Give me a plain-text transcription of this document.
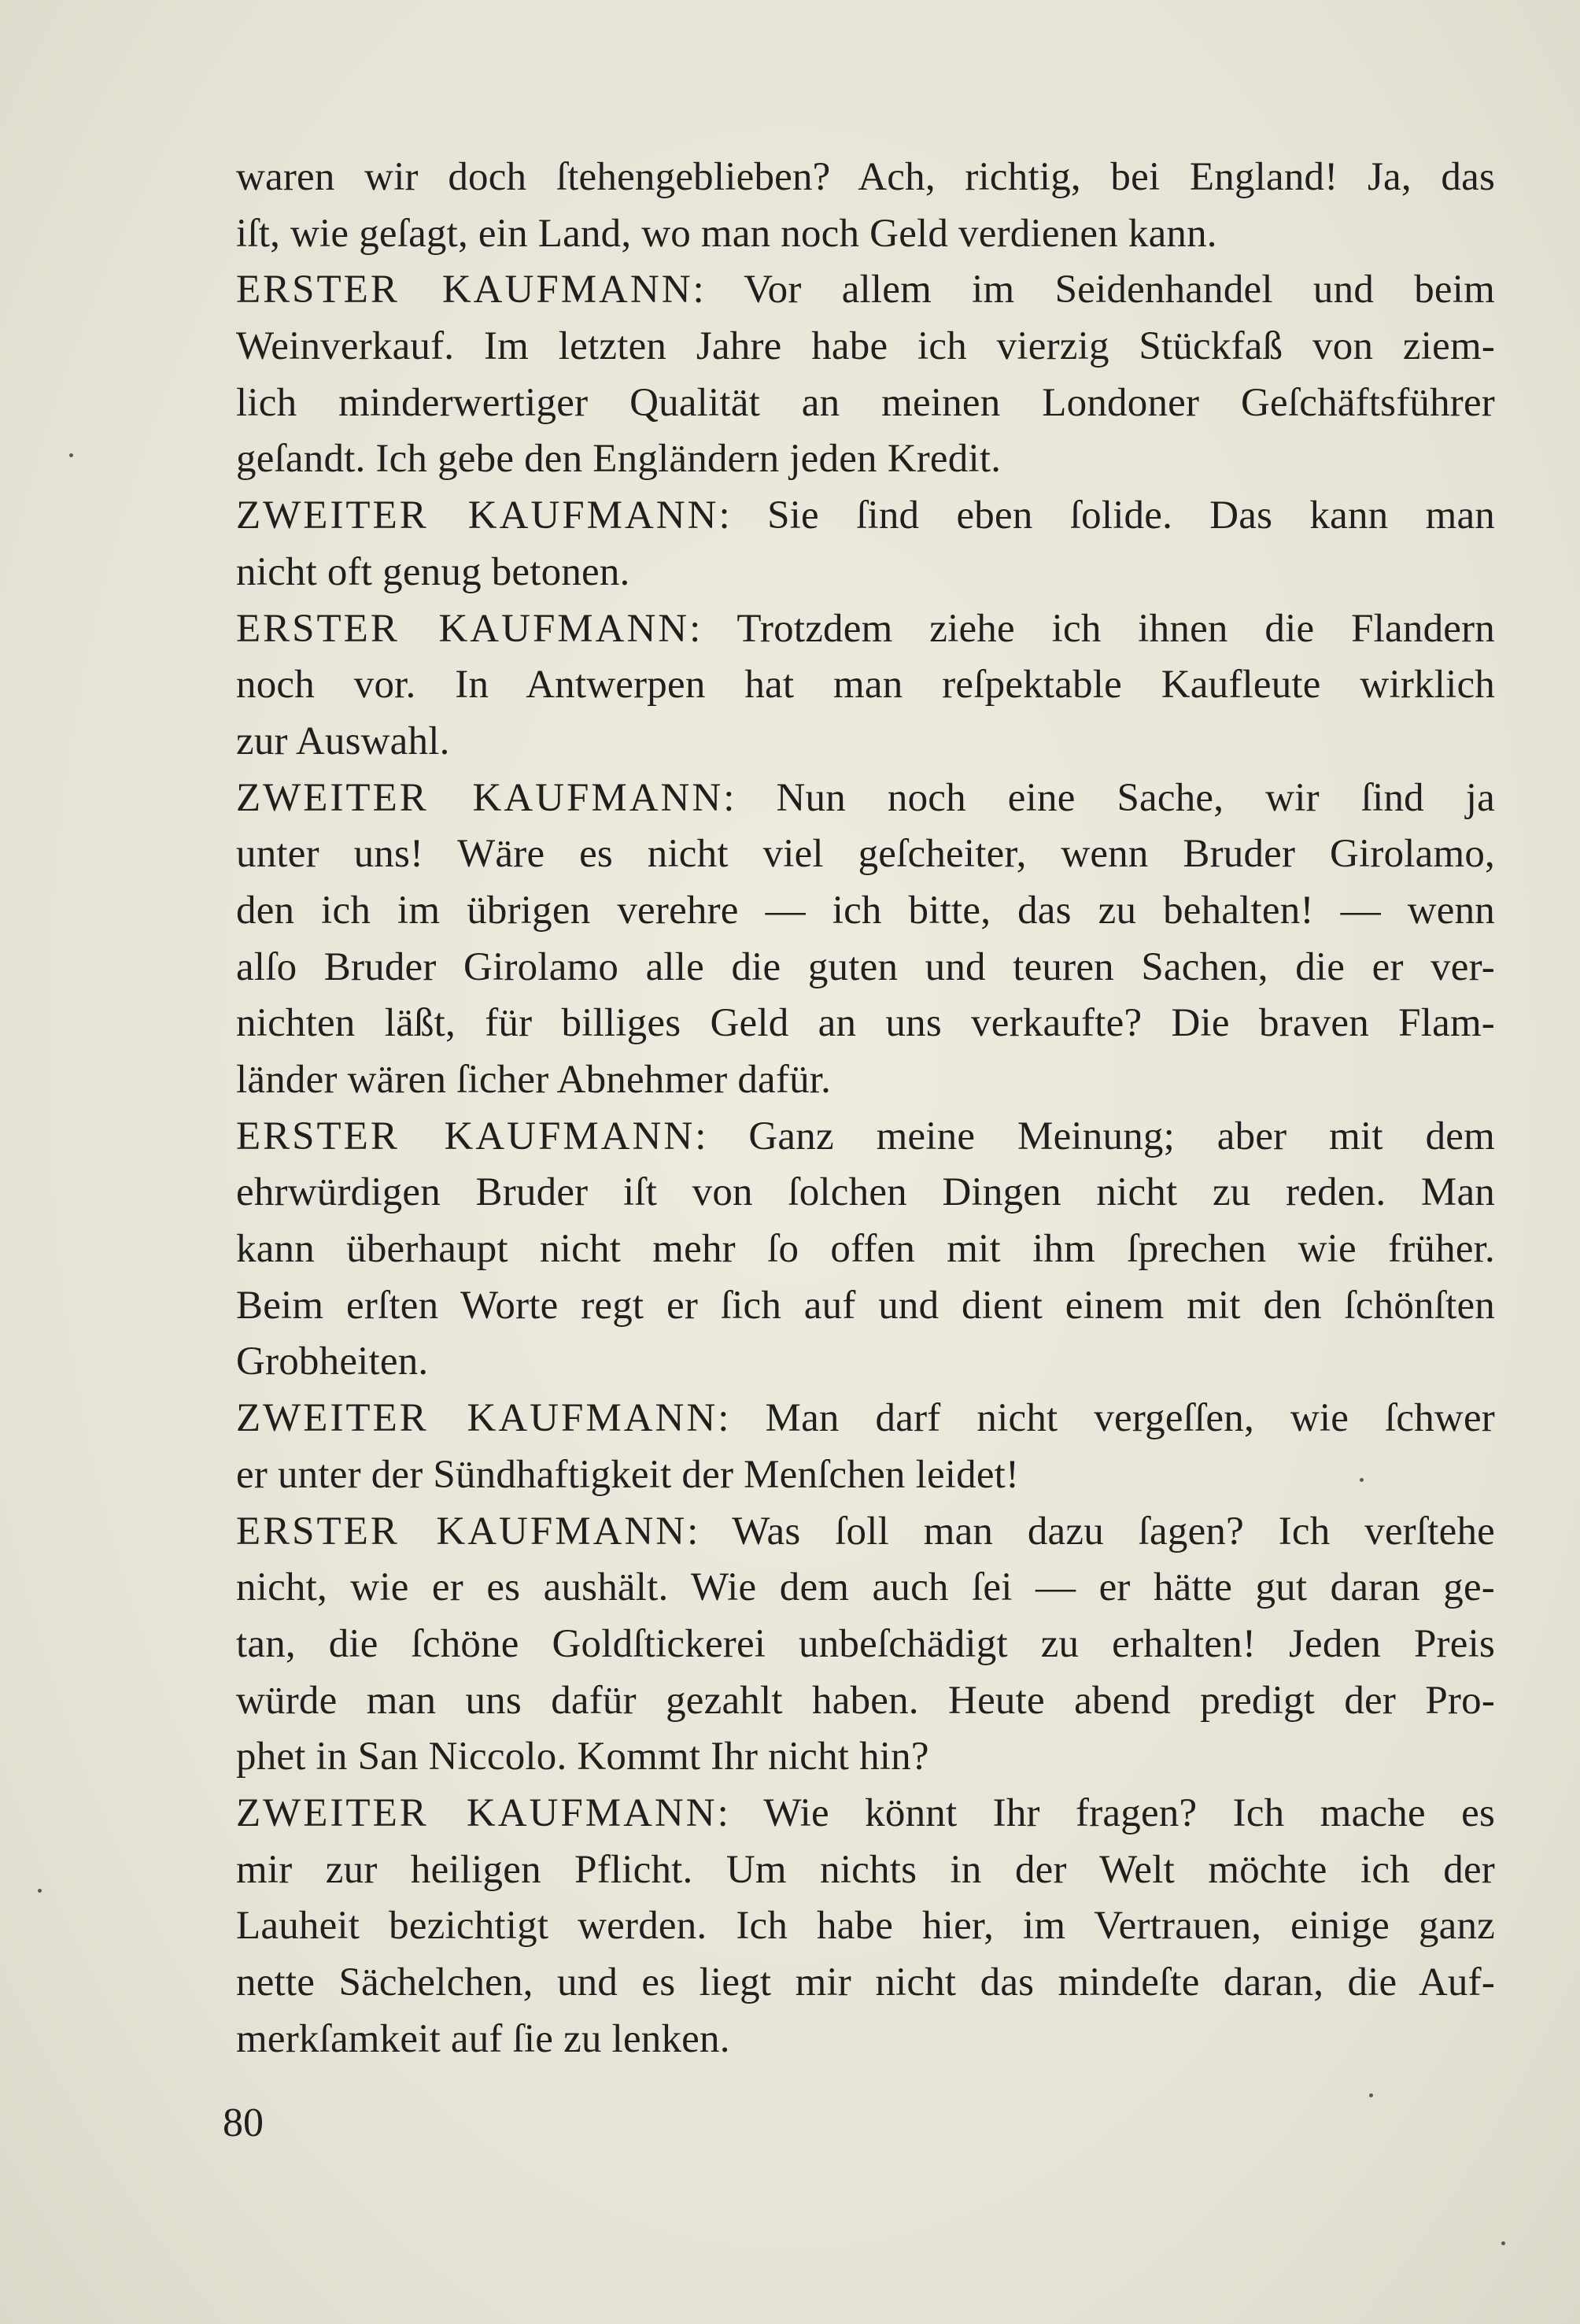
waren wir doch ſtehengeblieben? Ach, richtig, bei England! Ja, das
iſt, wie geſagt, ein Land, wo man noch Geld verdienen kann.
ERSTER KAUFMANN: Vor allem im Seidenhandel und beim
Weinverkauf. Im letzten Jahre habe ich vierzig Stückfaß von ziem-
lich minderwertiger Qualität an meinen Londoner Geſchäftsführer
geſandt. Ich gebe den Engländern jeden Kredit.
ZWEITER KAUFMANN: Sie ſind eben ſolide. Das kann man
nicht oft genug betonen.
ERSTER KAUFMANN: Trotzdem ziehe ich ihnen die Flandern
noch vor. In Antwerpen hat man reſpektable Kaufleute wirklich
zur Auswahl.
ZWEITER KAUFMANN: Nun noch eine Sache, wir ſind ja
unter uns! Wäre es nicht viel geſcheiter, wenn Bruder Girolamo,
den ich im übrigen verehre — ich bitte, das zu behalten! — wenn
alſo Bruder Girolamo alle die guten und teuren Sachen, die er ver-
nichten läßt, für billiges Geld an uns verkaufte? Die braven Flam-
länder wären ſicher Abnehmer dafür.
ERSTER KAUFMANN: Ganz meine Meinung; aber mit dem
ehrwürdigen Bruder iſt von ſolchen Dingen nicht zu reden. Man
kann überhaupt nicht mehr ſo offen mit ihm ſprechen wie früher.
Beim erſten Worte regt er ſich auf und dient einem mit den ſchönſten
Grobheiten.
ZWEITER KAUFMANN: Man darf nicht vergeſſen, wie ſchwer
er unter der Sündhaftigkeit der Menſchen leidet!
ERSTER KAUFMANN: Was ſoll man dazu ſagen? Ich verſtehe
nicht, wie er es aushält. Wie dem auch ſei — er hätte gut daran ge-
tan, die ſchöne Goldſtickerei unbeſchädigt zu erhalten! Jeden Preis
würde man uns dafür gezahlt haben. Heute abend predigt der Pro-
phet in San Niccolo. Kommt Ihr nicht hin?
ZWEITER KAUFMANN: Wie könnt Ihr fragen? Ich mache es
mir zur heiligen Pflicht. Um nichts in der Welt möchte ich der
Lauheit bezichtigt werden. Ich habe hier, im Vertrauen, einige ganz
nette Sächelchen, und es liegt mir nicht das mindeſte daran, die Auf-
merkſamkeit auf ſie zu lenken.
80
